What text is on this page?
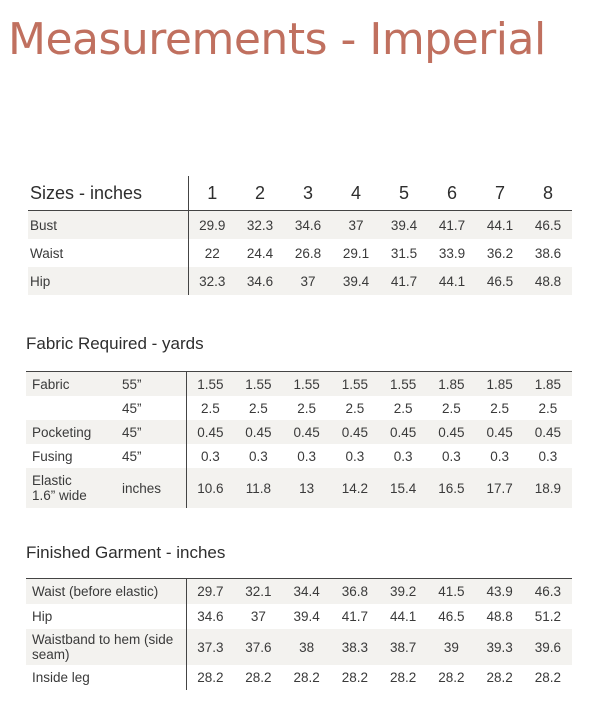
Measurements - Imperial
Sizes - inches	1	2	3	4	5	6	7	8
Bust	29.9	32.3	34.6	37	39.4	41.7	44.1	46.5
Waist	22	24.4	26.8	29.1	31.5	33.9	36.2	38.6
Hip	32.3	34.6	37	39.4	41.7	44.1	46.5	48.8
Fabric Required - yards
Fabric	55”	1.55	1.55	1.55	1.55	1.55	1.85	1.85	1.85

	45”	2.5	2.5	2.5	2.5	2.5	2.5	2.5	2.5

Pocketing	45”	0.45	0.45	0.45	0.45	0.45	0.45	0.45	0.45

Fusing	45”	0.3	0.3	0.3	0.3	0.3	0.3	0.3	0.3

Elastic
1.6” wide	inches	10.6	11.8	13	14.2	15.4	16.5	17.7	18.9
Finished Garment - inches
Waist (before elastic)	29.7	32.1	34.4	36.8	39.2	41.5	43.9	46.3
Hip	34.6	37	39.4	41.7	44.1	46.5	48.8	51.2
Waistband to hem (side seam)	37.3	37.6	38	38.3	38.7	39	39.3	39.6
Inside leg	28.2	28.2	28.2	28.2	28.2	28.2	28.2	28.2
